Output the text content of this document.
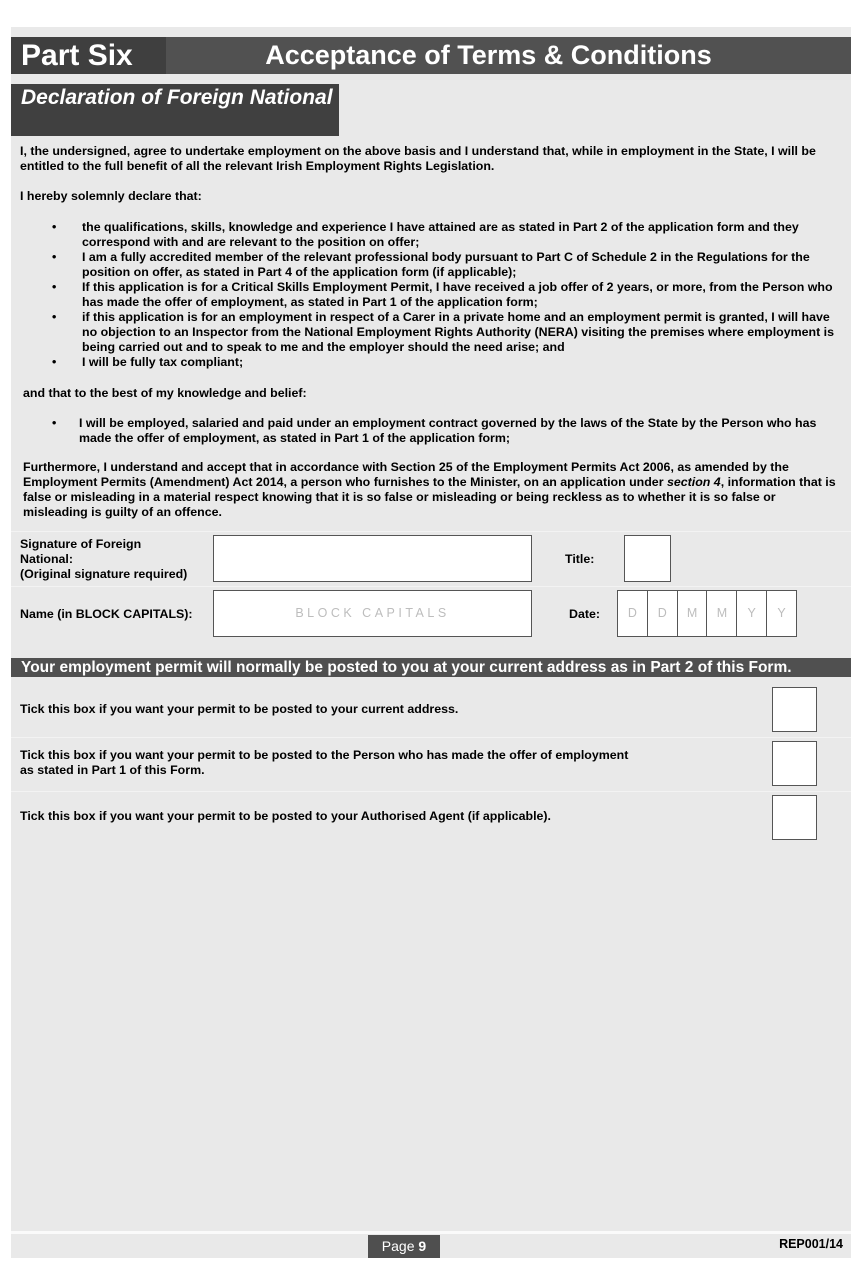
Part Six	Acceptance of Terms & Conditions
Declaration of Foreign National
I, the undersigned, agree to undertake employment on the above basis and I understand that, while in employment in the State, I will be entitled to the full benefit of all the relevant Irish Employment Rights Legislation.
I hereby solemnly declare that:
• the qualifications, skills, knowledge and experience I have attained are as stated in Part 2 of the application form and they correspond with and are relevant to the position on offer;
• I am a fully accredited member of the relevant professional body pursuant to Part C of Schedule 2 in the Regulations for the position on offer, as stated in Part 4 of the application form (if applicable);
• If this application is for a Critical Skills Employment Permit, I have received a job offer of 2 years, or more, from the Person who has made the offer of employment, as stated in Part 1 of the application form;
• if this application is for an employment in respect of a Carer in a private home and an employment permit is granted, I will have no objection to an Inspector from the National Employment Rights Authority (NERA) visiting the premises where employment is being carried out and to speak to me and the employer should the need arise; and
• I will be fully tax compliant;
and that to the best of my knowledge and belief:
• I will be employed, salaried and paid under an employment contract governed by the laws of the State by the Person who has made the offer of employment, as stated in Part 1 of the application form;
Furthermore, I understand and accept that in accordance with Section 25 of the Employment Permits Act 2006, as amended by the Employment Permits (Amendment) Act 2014, a person who furnishes to the Minister, on an application under section 4, information that is false or misleading in a material respect knowing that it is so false or misleading or being reckless as to whether it is so false or misleading is guilty of an offence.
Signature of Foreign
National:
(Original signature required)
Title:
Name (in BLOCK CAPITALS):	BLOCK CAPITALS	Date:	D	D	M	M	Y	Y
Your employment permit will normally be posted to you at your current address as in Part 2 of this Form.
Tick this box if you want your permit to be posted to your current address.
Tick this box if you want your permit to be posted to the Person who has made the offer of employment
as stated in Part 1 of this Form.
Tick this box if you want your permit to be posted to your Authorised Agent (if applicable).
Page 9	REP001/14
